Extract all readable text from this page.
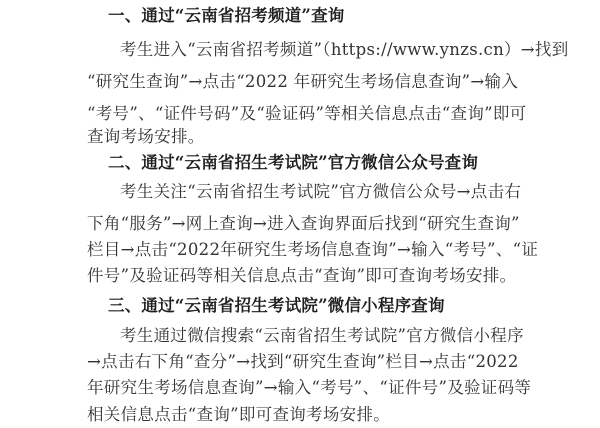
一、通过“云南省招考频道”查询
考生进入“云南省招考频道”（https://www.ynzs.cn）→找到
“研究生查询”→点击“2022 年研究生考场信息查询”→输入
“考号”、“证件号码”及“验证码”等相关信息点击“查询”即可
查询考场安排。
二、通过“云南省招生考试院”官方微信公众号查询
考生关注“云南省招生考试院”官方微信公众号→点击右
下角“服务”→网上查询→进入查询界面后找到“研究生查询”
栏目→点击“2022年研究生考场信息查询”→输入“考号”、“证
件号”及验证码等相关信息点击“查询”即可查询考场安排。
三、通过“云南省招生考试院”微信小程序查询
考生通过微信搜索“云南省招生考试院”官方微信小程序
→点击右下角“查分”→找到“研究生查询”栏目→点击“2022
年研究生考场信息查询”→输入“考号”、“证件号”及验证码等
相关信息点击“查询”即可查询考场安排。
